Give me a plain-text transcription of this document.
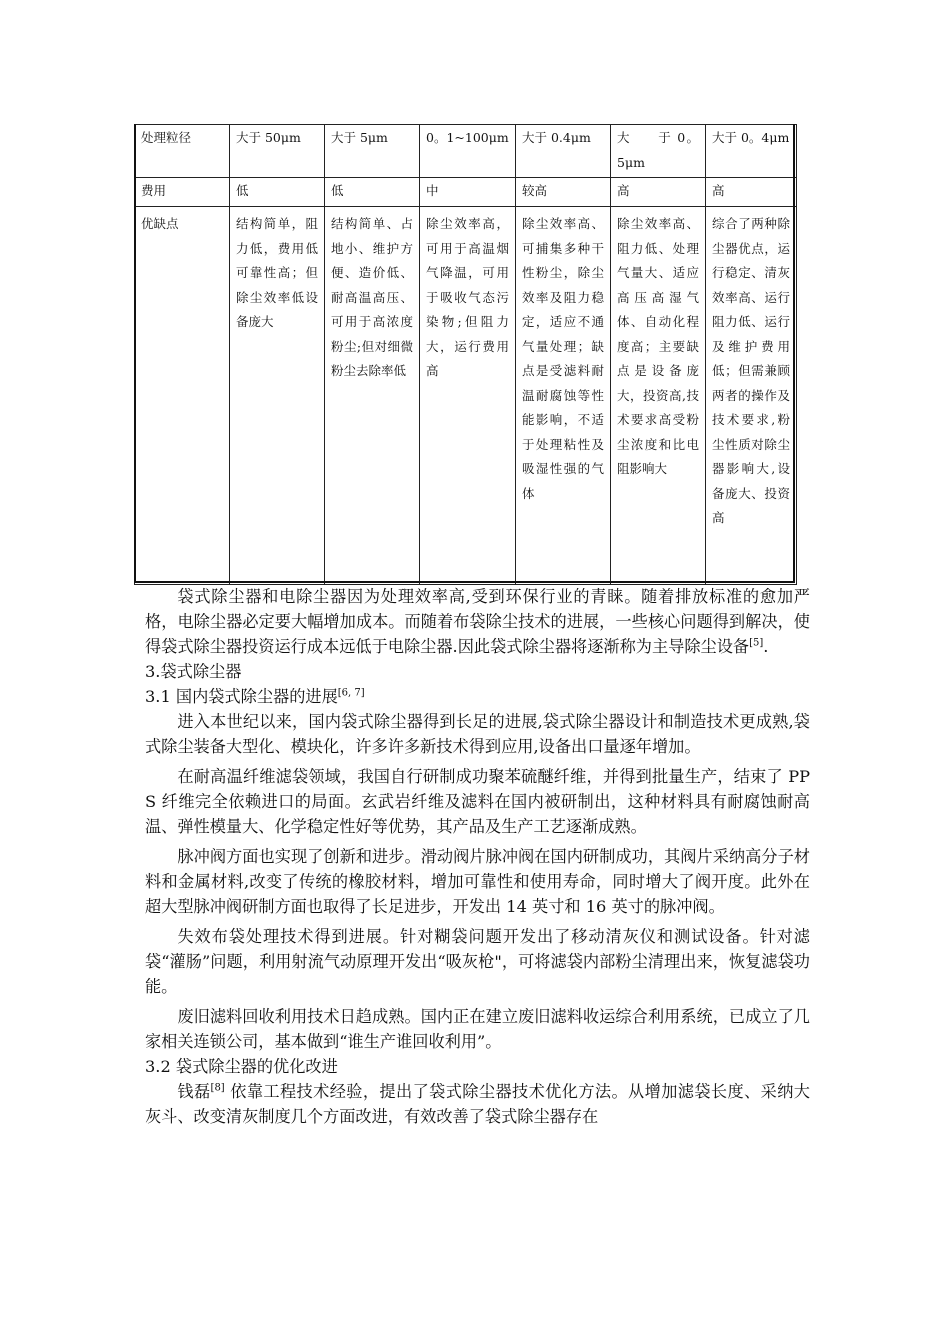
处理粒径	大于 50μm	大于 5μm	0。1~100μm	大于 0.4μm	大　　于 0。5μm	大于 0。4μm
费用	低	低	中	较高	高	高
优缺点	结构简单，阻力低，费用低可靠性高；但除尘效率低设备庞大	结构简单、占地小、维护方便、造价低、耐高温高压、可用于高浓度粉尘;但对细微粉尘去除率低	除尘效率高，可用于高温烟气降温，可用于吸收气态污染物;但阻力大，运行费用高	除尘效率高、可捕集多种干性粉尘，除尘效率及阻力稳定，适应不通气量处理；缺点是受滤料耐温耐腐蚀等性能影响，不适于处理粘性及吸湿性强的气体	除尘效率高、阻力低、处理气量大、适应高压高湿气体、自动化程度高；主要缺点是设备庞大，投资高,技术要求高受粉尘浓度和比电阻影响大	综合了两种除尘器优点，运行稳定、清灰效率高、运行阻力低、运行及维护费用低；但需兼顾两者的操作及技术要求,粉尘性质对除尘器影响大,设备庞大、投资高

袋式除尘器和电除尘器因为处理效率高,受到环保行业的青睐。随着排放标准的愈加严格，电除尘器必定要大幅增加成本。而随着布袋除尘技术的进展，一些核心问题得到解决，使得袋式除尘器投资运行成本远低于电除尘器.因此袋式除尘器将逐渐称为主导除尘设备[5].

3.袋式除尘器
3.1 国内袋式除尘器的进展[6, 7]

进入本世纪以来，国内袋式除尘器得到长足的进展,袋式除尘器设计和制造技术更成熟,袋式除尘装备大型化、模块化，许多许多新技术得到应用,设备出口量逐年增加。

在耐高温纤维滤袋领域，我国自行研制成功聚苯硫醚纤维，并得到批量生产，结束了 PPS 纤维完全依赖进口的局面。玄武岩纤维及滤料在国内被研制出，这种材料具有耐腐蚀耐高温、弹性模量大、化学稳定性好等优势，其产品及生产工艺逐渐成熟。

脉冲阀方面也实现了创新和进步。滑动阀片脉冲阀在国内研制成功，其阀片采纳高分子材料和金属材料,改变了传统的橡胶材料，增加可靠性和使用寿命，同时增大了阀开度。此外在超大型脉冲阀研制方面也取得了长足进步，开发出 14 英寸和 16 英寸的脉冲阀。

失效布袋处理技术得到进展。针对糊袋问题开发出了移动清灰仪和测试设备。针对滤袋“灌肠”问题，利用射流气动原理开发出“吸灰枪"，可将滤袋内部粉尘清理出来，恢复滤袋功能。

废旧滤料回收利用技术日趋成熟。国内正在建立废旧滤料收运综合利用系统，已成立了几家相关连锁公司，基本做到“谁生产谁回收利用”。

3.2 袋式除尘器的优化改进

钱磊[8] 依靠工程技术经验，提出了袋式除尘器技术优化方法。从增加滤袋长度、采纳大灰斗、改变清灰制度几个方面改进，有效改善了袋式除尘器存在
